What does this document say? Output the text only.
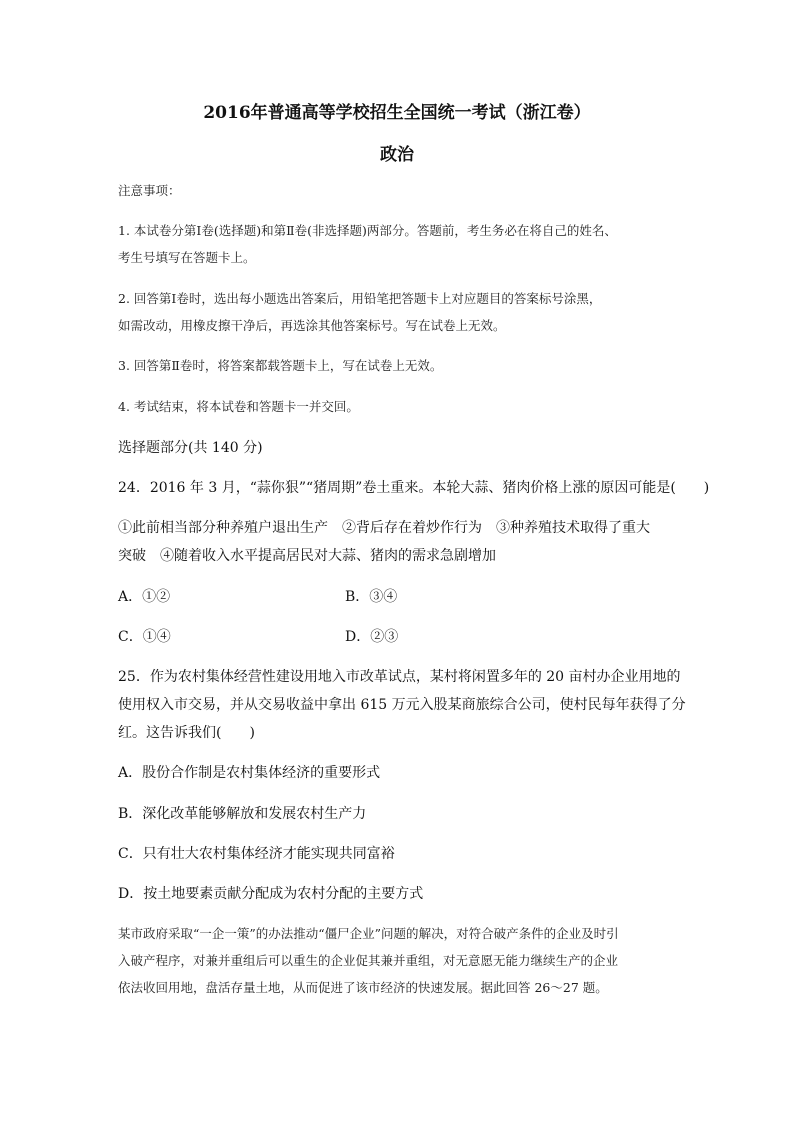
2016年普通高等学校招生全国统一考试（浙江卷）
政治
注意事项：
1. 本试卷分第Ⅰ卷(选择题)和第Ⅱ卷(非选择题)两部分。答题前，考生务必在将自己的姓名、
考生号填写在答题卡上。
2. 回答第Ⅰ卷时，选出每小题选出答案后，用铅笔把答题卡上对应题目的答案标号涂黑，
如需改动，用橡皮擦干净后，再选涂其他答案标号。写在试卷上无效。
3. 回答第Ⅱ卷时，将答案都载答题卡上，写在试卷上无效。
4. 考试结束，将本试卷和答题卡一并交回。
选择题部分(共 140 分)
24．2016 年 3 月，“蒜你狠”“猪周期”卷土重来。本轮大蒜、猪肉价格上涨的原因可能是(　　)
①此前相当部分种养殖户退出生产　②背后存在着炒作行为　③种养殖技术取得了重大
突破　④随着收入水平提高居民对大蒜、猪肉的需求急剧增加
A．①②	B．③④
C．①④	D．②③
25．作为农村集体经营性建设用地入市改革试点，某村将闲置多年的 20 亩村办企业用地的
使用权入市交易，并从交易收益中拿出 615 万元入股某商旅综合公司，使村民每年获得了分
红。这告诉我们(　　)
A．股份合作制是农村集体经济的重要形式
B．深化改革能够解放和发展农村生产力
C．只有壮大农村集体经济才能实现共同富裕
D．按土地要素贡献分配成为农村分配的主要方式
某市政府采取“一企一策”的办法推动“僵尸企业”问题的解决，对符合破产条件的企业及时引
入破产程序，对兼并重组后可以重生的企业促其兼并重组，对无意愿无能力继续生产的企业
依法收回用地，盘活存量土地，从而促进了该市经济的快速发展。据此回答 26～27 题。
